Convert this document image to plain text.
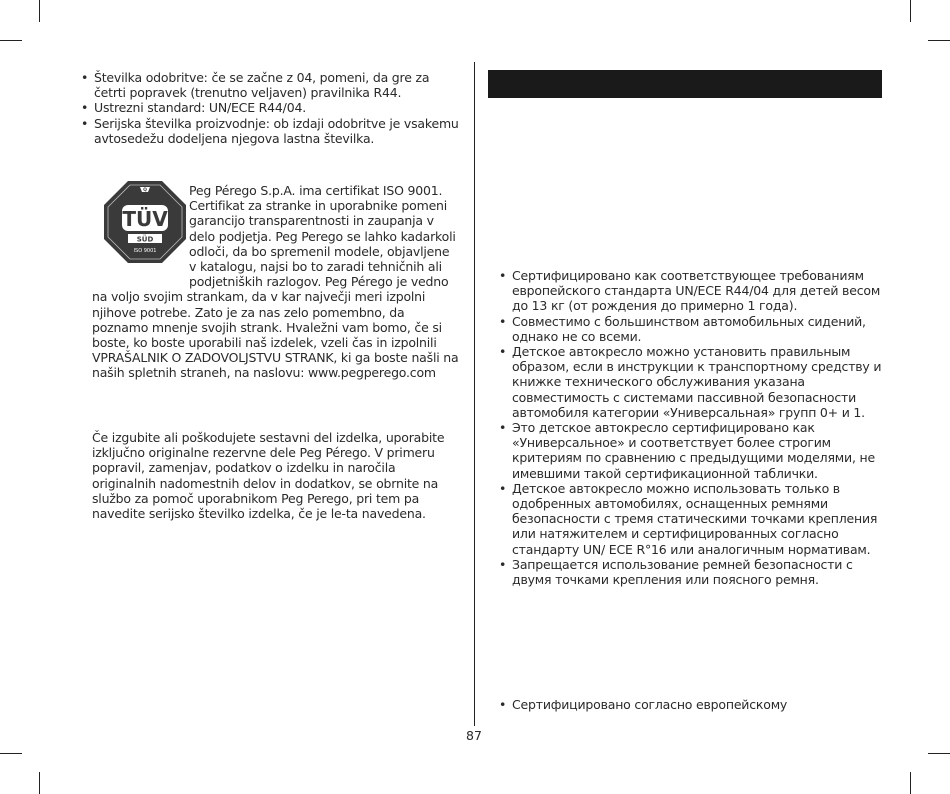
• Številka odobritve: če se začne z 04, pomeni, da gre za četrti popravek (trenutno veljaven) pravilnika R44.
• Ustrezni standard: UN/ECE R44/04.
• Serijska številka proizvodnje: ob izdaji odobritve je vsakemu avtosedežu dodeljena njegova lastna številka.
Q
TÜV
SÜD
ISO 9001

Peg Pérego S.p.A. ima certifikat ISO 9001. Certifikat za stranke in uporabnike pomeni garancijo transparentnosti in zaupanja v delo podjetja. Peg Perego se lahko kadarkoli odloči, da bo spremenil modele, objavljene v katalogu, najsi bo to zaradi tehničnih ali podjetniških razlogov. Peg Pérego je vedno na voljo svojim strankam, da v kar največji meri izpolni njihove potrebe. Zato je za nas zelo pomembno, da poznamo mnenje svojih strank. Hvaležni vam bomo, če si boste, ko boste uporabili naš izdelek, vzeli čas in izpolnili VPRAŠALNIK O ZADOVOLJSTVU STRANK, ki ga boste našli na naših spletnih straneh, na naslovu: www.pegperego.com

Če izgubite ali poškodujete sestavni del izdelka, uporabite izključno originalne rezervne dele Peg Pérego. V primeru popravil, zamenjav, podatkov o izdelku in naročila originalnih nadomestnih delov in dodatkov, se obrnite na službo za pomoč uporabnikom Peg Perego, pri tem pa navedite serijsko številko izdelka, če je le-ta navedena.

• Сертифицировано как соответствующее требованиям европейского стандарта UN/ECE R44/04 для детей весом до 13 кг (от рождения до примерно 1 года).
• Совместимо с большинством автомобильных сидений, однако не со всеми.
• Детское автокресло можно установить правильным образом, если в инструкции к транспортному средству и книжке технического обслуживания указана совместимость с системами пассивной безопасности автомобиля категории «Универсальная» групп 0+ и 1.
• Это детское автокресло сертифицировано как «Универсальное» и соответствует более строгим критериям по сравнению с предыдущими моделями, не имевшими такой сертификационной таблички.
• Детское автокресло можно использовать только в одобренных автомобилях, оснащенных ремнями безопасности с тремя статическими точками крепления или натяжителем и сертифицированных согласно стандарту UN/ ECE R°16 или аналогичным нормативам.
• Запрещается использование ремней безопасности с двумя точками крепления или поясного ремня.
• Сертифицировано согласно европейскому
87
